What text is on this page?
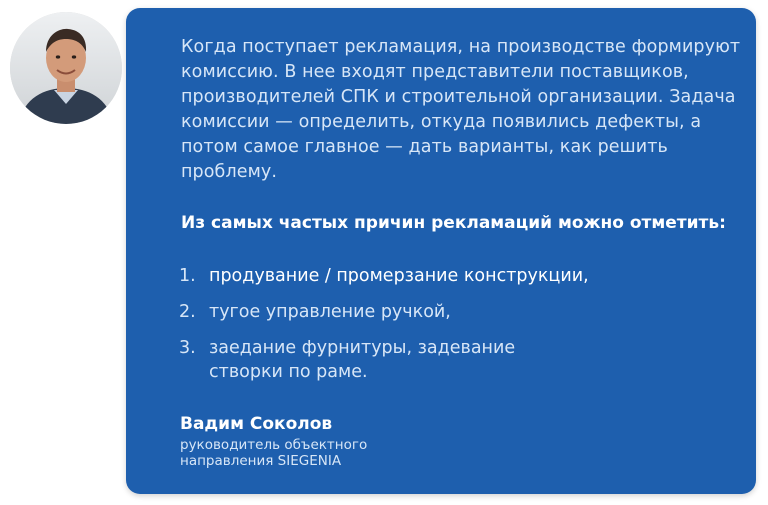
Когда поступает рекламация, на производстве формируют комиссию. В нее входят представители поставщиков, производителей СПК и строительной организации. Задача комиссии — определить, откуда появились дефекты, а потом самое главное — дать варианты, как решить проблему.
Из самых частых причин рекламаций можно отметить:
1. продувание / промерзание конструкции,
2. тугое управление ручкой,
3. заедание фурнитуры, задевание створки по раме.
Вадим Соколов
руководитель объектного направления SIEGENIA
